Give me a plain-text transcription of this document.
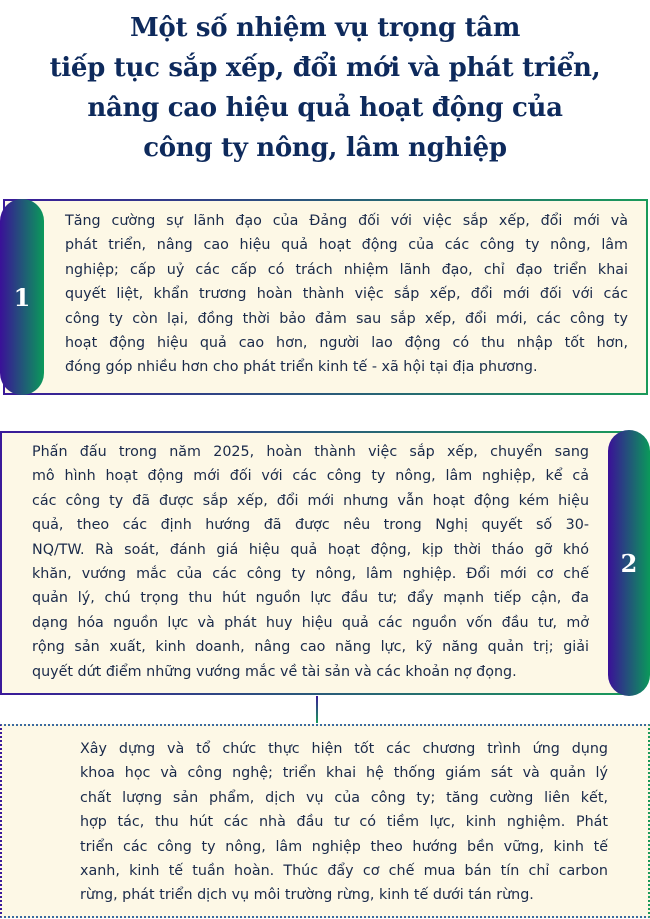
Một số nhiệm vụ trọng tâm
tiếp tục sắp xếp, đổi mới và phát triển,
nâng cao hiệu quả hoạt động của
công ty nông, lâm nghiệp
1
Tăng cường sự lãnh đạo của Đảng đối với việc sắp xếp, đổi mới và
phát triển, nâng cao hiệu quả hoạt động của các công ty nông, lâm
nghiệp; cấp uỷ các cấp có trách nhiệm lãnh đạo, chỉ đạo triển khai
quyết liệt, khẩn trương hoàn thành việc sắp xếp, đổi mới đối với các
công ty còn lại, đồng thời bảo đảm sau sắp xếp, đổi mới, các công ty
hoạt động hiệu quả cao hơn, người lao động có thu nhập tốt hơn,
đóng góp nhiều hơn cho phát triển kinh tế - xã hội tại địa phương.
2
Phấn đấu trong năm 2025, hoàn thành việc sắp xếp, chuyển sang
mô hình hoạt động mới đối với các công ty nông, lâm nghiệp, kể cả
các công ty đã được sắp xếp, đổi mới nhưng vẫn hoạt động kém hiệu
quả, theo các định hướng đã được nêu trong Nghị quyết số 30-
NQ/TW. Rà soát, đánh giá hiệu quả hoạt động, kịp thời tháo gỡ khó
khăn, vướng mắc của các công ty nông, lâm nghiệp. Đổi mới cơ chế
quản lý, chú trọng thu hút nguồn lực đầu tư; đẩy mạnh tiếp cận, đa
dạng hóa nguồn lực và phát huy hiệu quả các nguồn vốn đầu tư, mở
rộng sản xuất, kinh doanh, nâng cao năng lực, kỹ năng quản trị; giải
quyết dứt điểm những vướng mắc về tài sản và các khoản nợ đọng.
Xây dựng và tổ chức thực hiện tốt các chương trình ứng dụng
khoa học và công nghệ; triển khai hệ thống giám sát và quản lý
chất lượng sản phẩm, dịch vụ của công ty; tăng cường liên kết,
hợp tác, thu hút các nhà đầu tư có tiềm lực, kinh nghiệm. Phát
triển các công ty nông, lâm nghiệp theo hướng bền vững, kinh tế
xanh, kinh tế tuần hoàn. Thúc đẩy cơ chế mua bán tín chỉ carbon
rừng, phát triển dịch vụ môi trường rừng, kinh tế dưới tán rừng.
